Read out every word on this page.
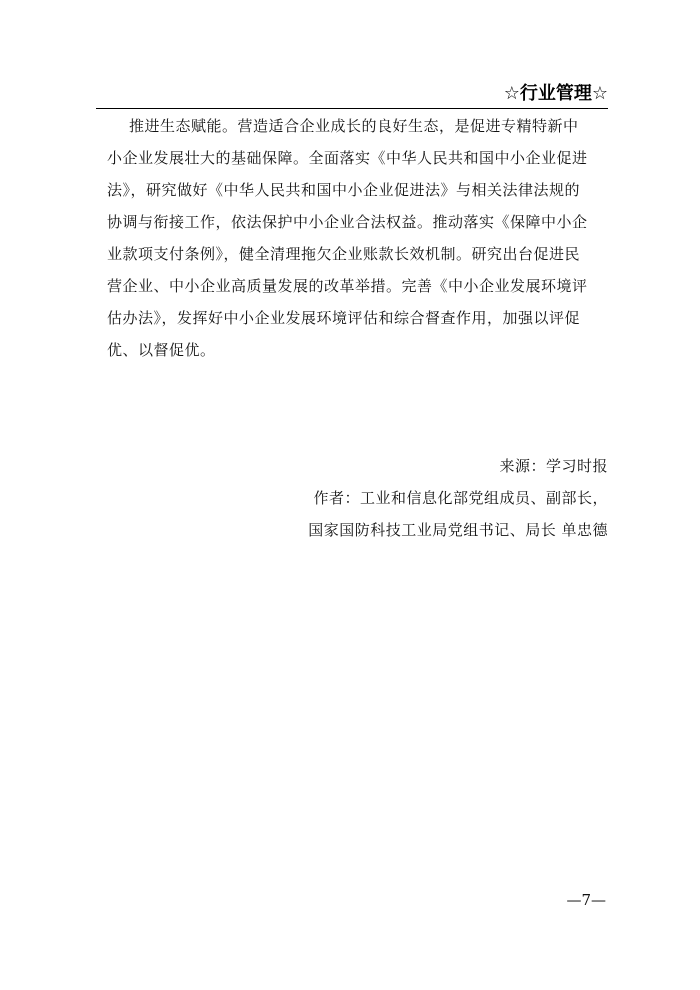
☆行业管理☆
推进生态赋能。营造适合企业成长的良好生态，是促进专精特新中
小企业发展壮大的基础保障。全面落实《中华人民共和国中小企业促进
法》，研究做好《中华人民共和国中小企业促进法》与相关法律法规的
协调与衔接工作，依法保护中小企业合法权益。推动落实《保障中小企
业款项支付条例》，健全清理拖欠企业账款长效机制。研究出台促进民
营企业、中小企业高质量发展的改革举措。完善《中小企业发展环境评
估办法》，发挥好中小企业发展环境评估和综合督查作用，加强以评促
优、以督促优。
来源：学习时报
作者：工业和信息化部党组成员、副部长，
国家国防科技工业局党组书记、局长 单忠德
—7—
